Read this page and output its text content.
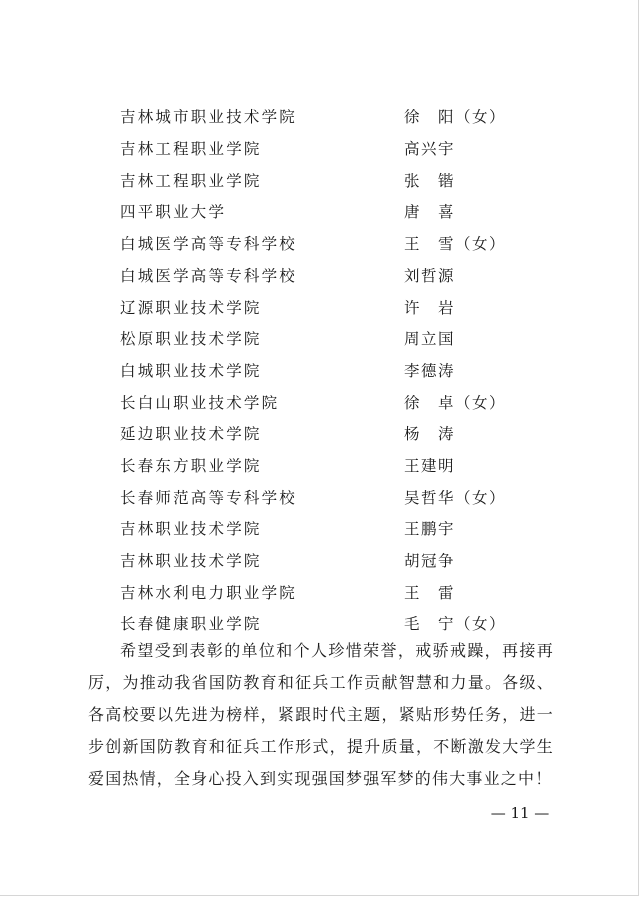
吉林城市职业技术学院	徐　阳（女）
吉林工程职业学院	高兴宇
吉林工程职业学院	张　锴
四平职业大学	唐　喜
白城医学高等专科学校	王　雪（女）
白城医学高等专科学校	刘哲源
辽源职业技术学院	许　岩
松原职业技术学院	周立国
白城职业技术学院	李德涛
长白山职业技术学院	徐　卓（女）
延边职业技术学院	杨　涛
长春东方职业学院	王建明
长春师范高等专科学校	吴哲华（女）
吉林职业技术学院	王鹏宇
吉林职业技术学院	胡冠争
吉林水利电力职业学院	王　雷
长春健康职业学院	毛　宁（女）

希望受到表彰的单位和个人珍惜荣誉，戒骄戒躁，再接再厉，为推动我省国防教育和征兵工作贡献智慧和力量。各级、各高校要以先进为榜样，紧跟时代主题，紧贴形势任务，进一步创新国防教育和征兵工作形式，提升质量，不断激发大学生爱国热情，全身心投入到实现强国梦强军梦的伟大事业之中！

— 11 —
